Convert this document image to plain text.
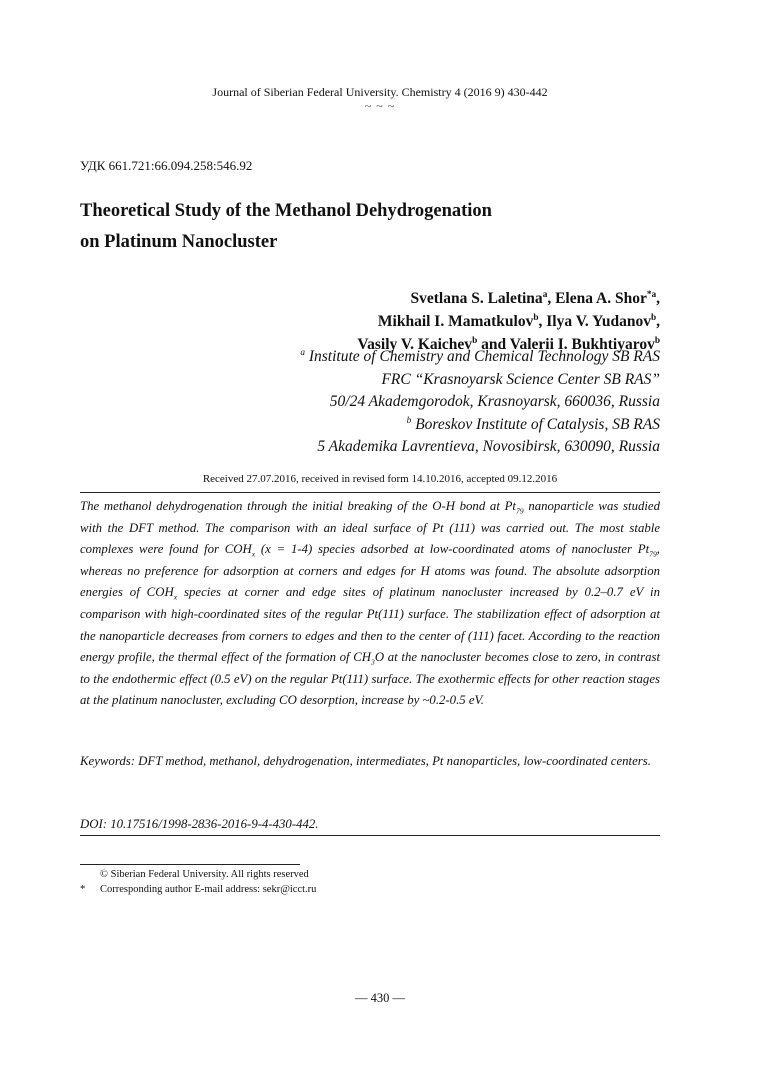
Journal of Siberian Federal University. Chemistry 4 (2016 9) 430-442
~ ~ ~
УДК 661.721:66.094.258:546.92
Theoretical Study of the Methanol Dehydrogenation
on Platinum Nanocluster
Svetlana S. Laletina$^a$, Elena A. Shor$^{*a}$,
Mikhail I. Mamatkulov$^b$, Ilya V. Yudanov$^b$,
Vasily V. Kaichev$^b$ and Valerii I. Bukhtiyarov$^b$
$^a$ Institute of Chemistry and Chemical Technology SB RAS
FRC “Krasnoyarsk Science Center SB RAS”
50/24 Akademgorodok, Krasnoyarsk, 660036, Russia
$^b$ Boreskov Institute of Catalysis, SB RAS
5 Akademika Lavrentieva, Novosibirsk, 630090, Russia
Received 27.07.2016, received in revised form 14.10.2016, accepted 09.12.2016
The methanol dehydrogenation through the initial breaking of the O-H bond at $Pt_{79}$ nanoparticle was studied with the DFT method. The comparison with an ideal surface of Pt (111) was carried out. The most stable complexes were found for $COH_x$ (x = 1-4) species adsorbed at low-coordinated atoms of nanocluster $Pt_{79}$, whereas no preference for adsorption at corners and edges for H atoms was found. The absolute adsorption energies of $COH_x$ species at corner and edge sites of platinum nanocluster increased by 0.2–0.7 eV in comparison with high-coordinated sites of the regular Pt(111) surface. The stabilization effect of adsorption at the nanoparticle decreases from corners to edges and then to the center of (111) facet. According to the reaction energy profile, the thermal effect of the formation of $CH_3O$ at the nanocluster becomes close to zero, in contrast to the endothermic effect (0.5 eV) on the regular Pt(111) surface. The exothermic effects for other reaction stages at the platinum nanocluster, excluding CO desorption, increase by ~0.2-0.5 eV.
Keywords: DFT method, methanol, dehydrogenation, intermediates, Pt nanoparticles, low-coordinated centers.
DOI: 10.17516/1998-2836-2016-9-4-430-442.
© Siberian Federal University. All rights reserved
* Corresponding author E-mail address: sekr@icct.ru
― 430 ―
